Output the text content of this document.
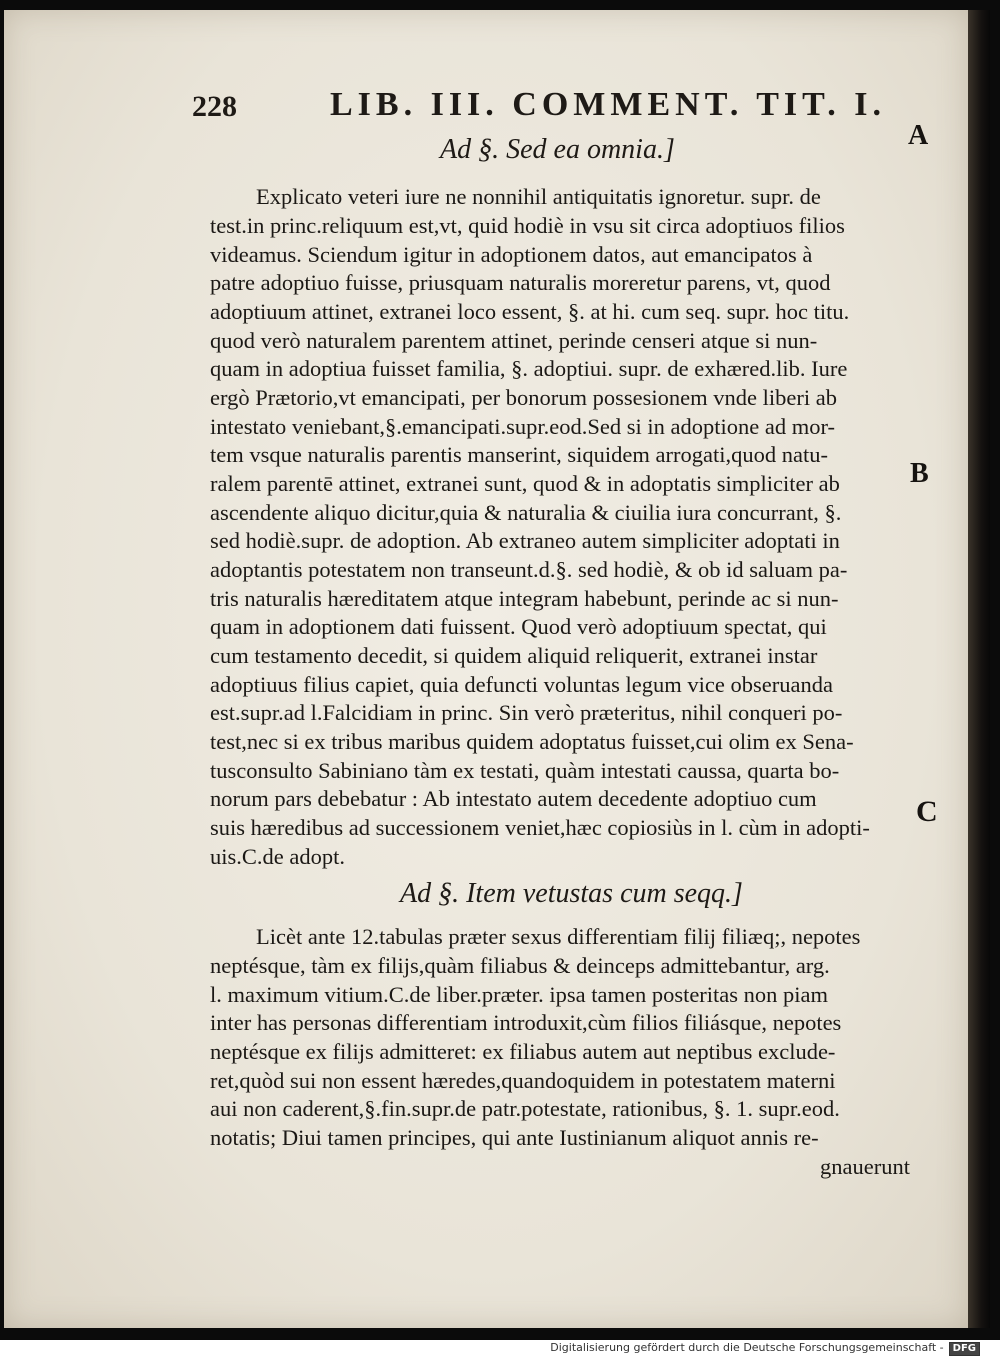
228	LIB. III. COMMENT. TIT. I.
A
B
C
Ad §. Sed ea omnia.]
Explicato veteri iure ne nonnihil antiquitatis ignoretur. supr. de
test.in princ.reliquum est,vt, quid hodiè in vsu sit circa adoptiuos filios
videamus. Sciendum igitur in adoptionem datos, aut emancipatos à
patre adoptiuo fuisse, priusquam naturalis moreretur parens, vt, quod
adoptiuum attinet, extranei loco essent, §. at hi. cum seq. supr. hoc titu.
quod verò naturalem parentem attinet, perinde censeri atque si nun-
quam in adoptiua fuisset familia, §. adoptiui. supr. de exhæred.lib. Iure
ergò Prætorio,vt emancipati, per bonorum possesionem vnde liberi ab
intestato veniebant,§.emancipati.supr.eod.Sed si in adoptione ad mor-
tem vsque naturalis parentis manserint, siquidem arrogati,quod natu-
ralem parentē attinet, extranei sunt, quod & in adoptatis simpliciter ab
ascendente aliquo dicitur,quia & naturalia & ciuilia iura concurrant, §.
sed hodiè.supr. de adoption. Ab extraneo autem simpliciter adoptati in
adoptantis potestatem non transeunt.d.§. sed hodiè, & ob id saluam pa-
tris naturalis hæreditatem atque integram habebunt, perinde ac si nun-
quam in adoptionem dati fuissent. Quod verò adoptiuum spectat, qui
cum testamento decedit, si quidem aliquid reliquerit, extranei instar
adoptiuus filius capiet, quia defuncti voluntas legum vice obseruanda
est.supr.ad l.Falcidiam in princ. Sin verò præteritus, nihil conqueri po-
test,nec si ex tribus maribus quidem adoptatus fuisset,cui olim ex Sena-
tusconsulto Sabiniano tàm ex testati, quàm intestati caussa, quarta bo-
norum pars debebatur : Ab intestato autem decedente adoptiuo cum
suis hæredibus ad successionem veniet,hæc copiosiùs in l. cùm in adopti-
uis.C.de adopt.
Ad §. Item vetustas cum seqq.]
Licèt ante 12.tabulas præter sexus differentiam filij filiæq;, nepotes
neptésque, tàm ex filijs,quàm filiabus & deinceps admittebantur, arg.
l. maximum vitium.C.de liber.præter. ipsa tamen posteritas non piam
inter has personas differentiam introduxit,cùm filios filiásque, nepotes
neptésque ex filijs admitteret: ex filiabus autem aut neptibus exclude-
ret,quòd sui non essent hæredes,quandoquidem in potestatem materni
aui non caderent,§.fin.supr.de patr.potestate, rationibus, §. 1. supr.eod.
notatis; Diui tamen principes, qui ante Iustinianum aliquot annis re-
gnauerunt
Digitalisierung gefördert durch die Deutsche Forschungsgemeinschaft - DFG
